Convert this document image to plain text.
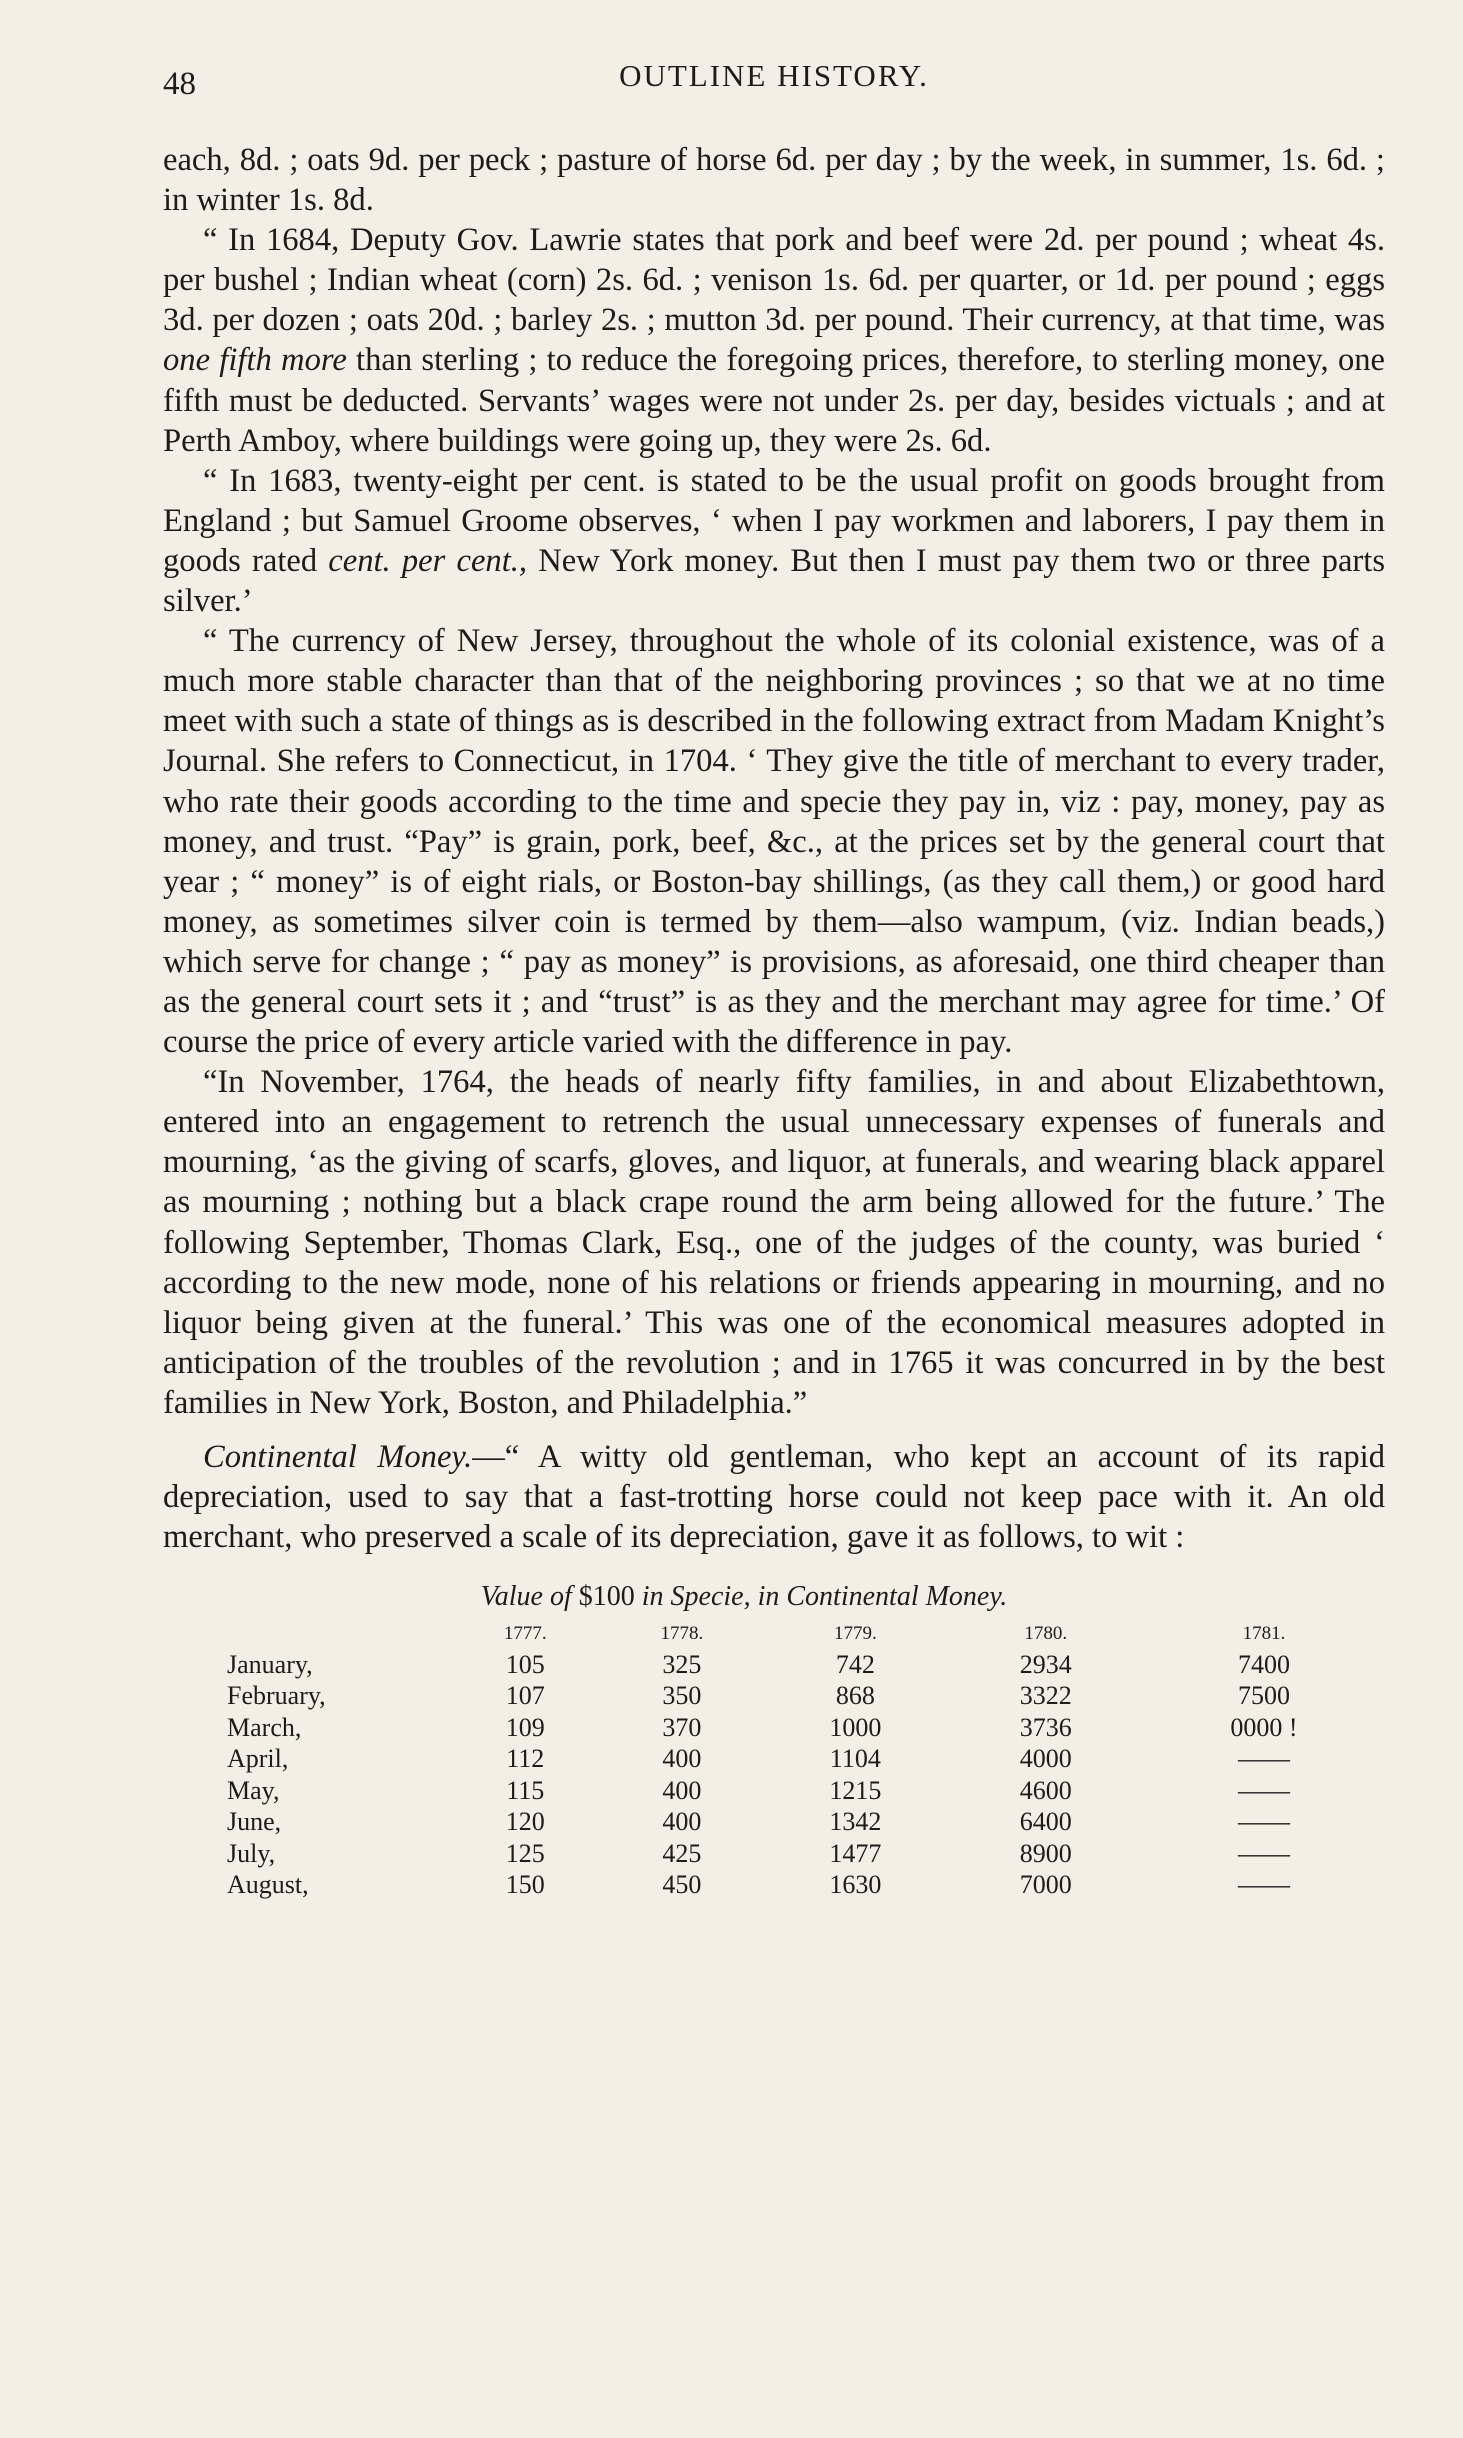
48	OUTLINE HISTORY.

each, 8d. ; oats 9d. per peck ; pasture of horse 6d. per day ; by the week, in summer, 1s. 6d. ; in winter 1s. 8d.

“ In 1684, Deputy Gov. Lawrie states that pork and beef were 2d. per pound ; wheat 4s. per bushel ; Indian wheat (corn) 2s. 6d. ; venison 1s. 6d. per quarter, or 1d. per pound ; eggs 3d. per dozen ; oats 20d. ; barley 2s. ; mutton 3d. per pound. Their currency, at that time, was one fifth more than sterling ; to reduce the foregoing prices, therefore, to sterling money, one fifth must be deducted. Servants’ wages were not under 2s. per day, besides victuals ; and at Perth Amboy, where buildings were going up, they were 2s. 6d.

“ In 1683, twenty-eight per cent. is stated to be the usual profit on goods brought from England ; but Samuel Groome observes, ‘ when I pay workmen and laborers, I pay them in goods rated cent. per cent., New York money. But then I must pay them two or three parts silver.’

“ The currency of New Jersey, throughout the whole of its colonial existence, was of a much more stable character than that of the neighboring provinces ; so that we at no time meet with such a state of things as is described in the following extract from Madam Knight’s Journal. She refers to Connecticut, in 1704. ‘ They give the title of merchant to every trader, who rate their goods according to the time and specie they pay in, viz : pay, money, pay as money, and trust. “Pay” is grain, pork, beef, &c., at the prices set by the general court that year ; “ money” is of eight rials, or Boston-bay shillings, (as they call them,) or good hard money, as sometimes silver coin is termed by them—also wampum, (viz. Indian beads,) which serve for change ; “ pay as money” is provisions, as aforesaid, one third cheaper than as the general court sets it ; and “trust” is as they and the merchant may agree for time.’ Of course the price of every article varied with the difference in pay.

“In November, 1764, the heads of nearly fifty families, in and about Elizabethtown, entered into an engagement to retrench the usual unnecessary expenses of funerals and mourning, ‘as the giving of scarfs, gloves, and liquor, at funerals, and wearing black apparel as mourning ; nothing but a black crape round the arm being allowed for the future.’ The following September, Thomas Clark, Esq., one of the judges of the county, was buried ‘ according to the new mode, none of his relations or friends appearing in mourning, and no liquor being given at the funeral.’ This was one of the economical measures adopted in anticipation of the troubles of the revolution ; and in 1765 it was concurred in by the best families in New York, Boston, and Philadelphia.”

Continental Money.—“ A witty old gentleman, who kept an account of its rapid depreciation, used to say that a fast-trotting horse could not keep pace with it. An old merchant, who preserved a scale of its depreciation, gave it as follows, to wit :

Value of $100 in Specie, in Continental Money.
	1777.	1778.	1779.	1780.	1781.
January,	105	325	742	2934	7400
February,	107	350	868	3322	7500
March,	109	370	1000	3736	0000 !
April,	112	400	1104	4000	——
May,	115	400	1215	4600	——
June,	120	400	1342	6400	——
July,	125	425	1477	8900	——
August,	150	450	1630	7000	——
